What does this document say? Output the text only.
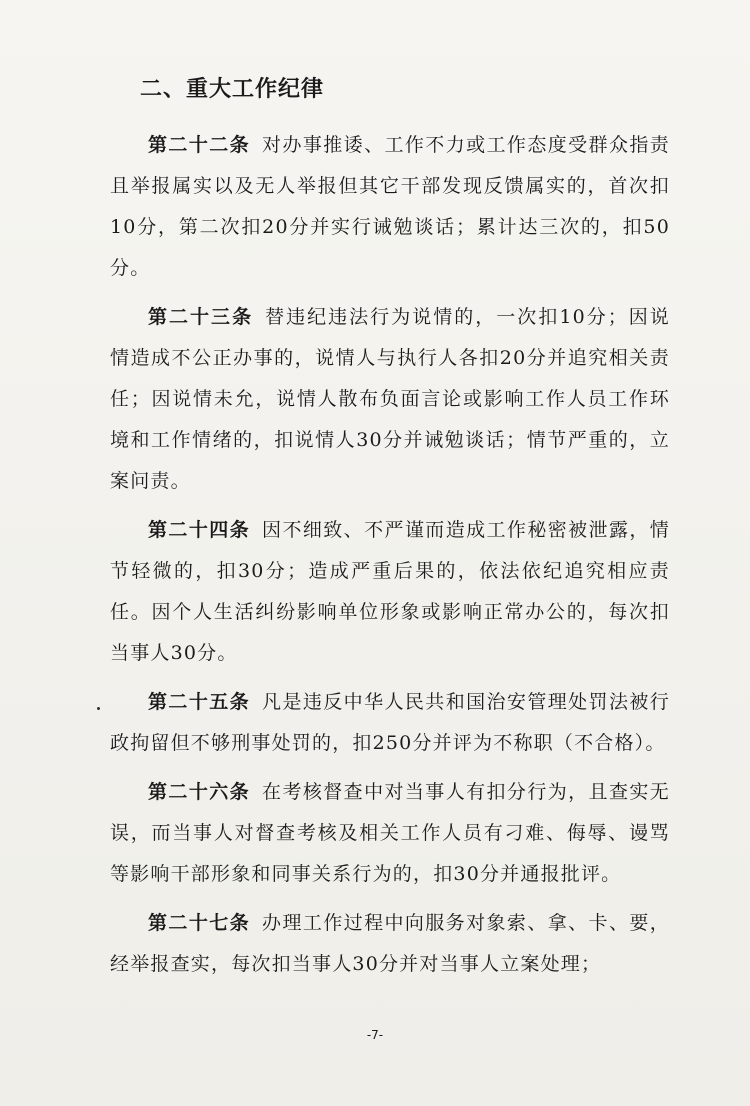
二、重大工作纪律

第二十二条 对办事推诿、工作不力或工作态度受群众指责且举报属实以及无人举报但其它干部发现反馈属实的，首次扣10分，第二次扣20分并实行诫勉谈话；累计达三次的，扣50分。

第二十三条 替违纪违法行为说情的，一次扣10分；因说情造成不公正办事的，说情人与执行人各扣20分并追究相关责任；因说情未允，说情人散布负面言论或影响工作人员工作环境和工作情绪的，扣说情人30分并诫勉谈话；情节严重的，立案问责。

第二十四条 因不细致、不严谨而造成工作秘密被泄露，情节轻微的，扣30分；造成严重后果的，依法依纪追究相应责任。因个人生活纠纷影响单位形象或影响正常办公的，每次扣当事人30分。

第二十五条 凡是违反中华人民共和国治安管理处罚法被行政拘留但不够刑事处罚的，扣250分并评为不称职（不合格）。

第二十六条 在考核督查中对当事人有扣分行为，且查实无误，而当事人对督查考核及相关工作人员有刁难、侮辱、谩骂等影响干部形象和同事关系行为的，扣30分并通报批评。

第二十七条 办理工作过程中向服务对象索、拿、卡、要，经举报查实，每次扣当事人30分并对当事人立案处理；

-7-
